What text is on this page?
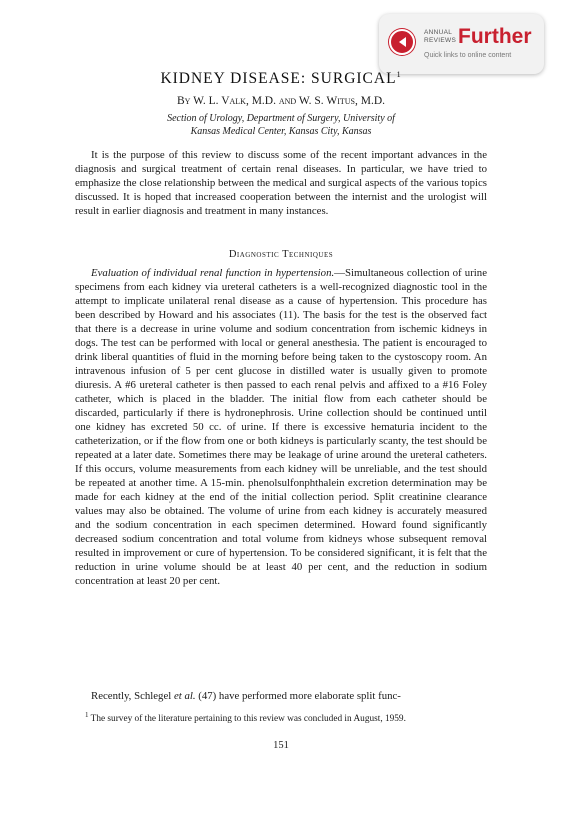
ANNUAL
REVIEWS Further
Quick links to online content
KIDNEY DISEASE: SURGICAL$^1$
By W. L. Valk, M.D. and W. S. Witus, M.D.
Section of Urology, Department of Surgery, University of
Kansas Medical Center, Kansas City, Kansas

It is the purpose of this review to discuss some of the recent important advances in the diagnosis and surgical treatment of certain renal diseases. In particular, we have tried to emphasize the close relationship between the medical and surgical aspects of the various topics discussed. It is hoped that increased cooperation between the internist and the urologist will result in earlier diagnosis and treatment in many instances.

Diagnostic Techniques

Evaluation of individual renal function in hypertension.—Simultaneous collection of urine specimens from each kidney via ureteral catheters is a well-recognized diagnostic tool in the attempt to implicate unilateral renal disease as a cause of hypertension. This procedure has been described by Howard and his associates (11). The basis for the test is the observed fact that there is a decrease in urine volume and sodium concentration from ischemic kidneys in dogs. The test can be performed with local or general anesthesia. The patient is encouraged to drink liberal quantities of fluid in the morning before being taken to the cystoscopy room. An intravenous infusion of 5 per cent glucose in distilled water is usually given to promote diuresis. A #6 ureteral catheter is then passed to each renal pelvis and affixed to a #16 Foley catheter, which is placed in the bladder. The initial flow from each catheter should be discarded, particularly if there is hydronephrosis. Urine collection should be continued until one kidney has excreted 50 cc. of urine. If there is excessive hematuria incident to the catheterization, or if the flow from one or both kidneys is particularly scanty, the test should be repeated at a later date. Sometimes there may be leakage of urine around the ureteral catheters. If this occurs, volume measurements from each kidney will be unreliable, and the test should be repeated at another time. A 15-min. phenolsulfonphthalein excretion determination may be made for each kidney at the end of the initial collection period. Split creatinine clearance values may also be obtained. The volume of urine from each kidney is accurately measured and the sodium concentration in each specimen determined. Howard found significantly decreased sodium concentration and total volume from kidneys whose subsequent removal resulted in improvement or cure of hypertension. To be considered significant, it is felt that the reduction in urine volume should be at least 40 per cent, and the reduction in sodium concentration at least 20 per cent.

Recently, Schlegel et al. (47) have performed more elaborate split func-

$^1$ The survey of the literature pertaining to this review was concluded in August, 1959.

151
